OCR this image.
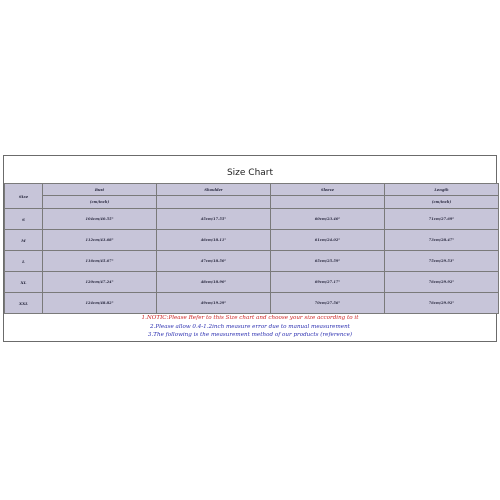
Size Chart
Size	Bust	Shoulder	Sleeve	Length
	(cm/inch)			(cm/inch)
S	104cm/40.55"	45cm/17.55"	60cm/23.40"	71cm/27.69"
M	112cm/43.68"	46cm/18.11"	61cm/24.02"	73cm/28.47"
L	116cm/45.67"	47cm/18.50"	65cm/25.59"	75cm/29.53"
XL	120cm/47.24"	48cm/18.90"	69cm/27.17"	76cm/29.92"
XXL	124cm/48.82"	49cm/19.29"	70cm/27.56"	76cm/29.92"
1.NOTIC:Please Refer to this Size chart and choose your size according to it
2.Please allow 0.4-1.2inch measure error due to manual measurement
3.The following is the measurement method of our products (reference)
